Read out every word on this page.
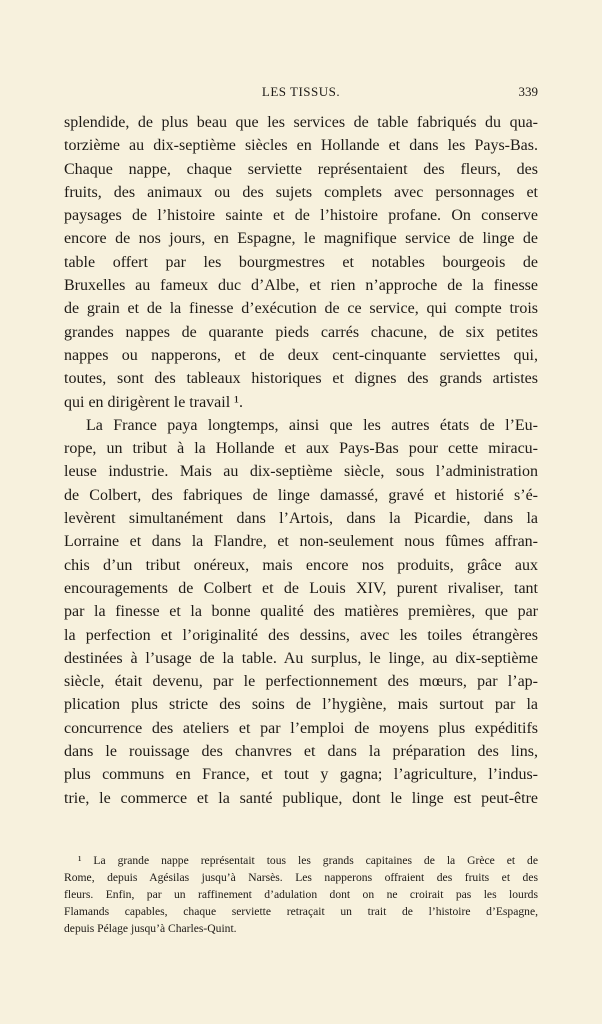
LES TISSUS.	339
splendide, de plus beau que les services de table fabriqués du qua-
torzième au dix-septième siècles en Hollande et dans les Pays-Bas.
Chaque nappe, chaque serviette représentaient des fleurs, des
fruits, des animaux ou des sujets complets avec personnages et
paysages de l’histoire sainte et de l’histoire profane. On conserve
encore de nos jours, en Espagne, le magnifique service de linge de
table offert par les bourgmestres et notables bourgeois de
Bruxelles au fameux duc d’Albe, et rien n’approche de la finesse
de grain et de la finesse d’exécution de ce service, qui compte trois
grandes nappes de quarante pieds carrés chacune, de six petites
nappes ou napperons, et de deux cent-cinquante serviettes qui,
toutes, sont des tableaux historiques et dignes des grands artistes
qui en dirigèrent le travail ¹.
La France paya longtemps, ainsi que les autres états de l’Eu-
rope, un tribut à la Hollande et aux Pays-Bas pour cette miracu-
leuse industrie. Mais au dix-septième siècle, sous l’administration
de Colbert, des fabriques de linge damassé, gravé et historié s’é-
levèrent simultanément dans l’Artois, dans la Picardie, dans la
Lorraine et dans la Flandre, et non-seulement nous fûmes affran-
chis d’un tribut onéreux, mais encore nos produits, grâce aux
encouragements de Colbert et de Louis XIV, purent rivaliser, tant
par la finesse et la bonne qualité des matières premières, que par
la perfection et l’originalité des dessins, avec les toiles étrangères
destinées à l’usage de la table. Au surplus, le linge, au dix-septième
siècle, était devenu, par le perfectionnement des mœurs, par l’ap-
plication plus stricte des soins de l’hygiène, mais surtout par la
concurrence des ateliers et par l’emploi de moyens plus expéditifs
dans le rouissage des chanvres et dans la préparation des lins,
plus communs en France, et tout y gagna; l’agriculture, l’indus-
trie, le commerce et la santé publique, dont le linge est peut-être
¹ La grande nappe représentait tous les grands capitaines de la Grèce et de
Rome, depuis Agésilas jusqu’à Narsès. Les napperons offraient des fruits et des
fleurs. Enfin, par un raffinement d’adulation dont on ne croirait pas les lourds
Flamands capables, chaque serviette retraçait un trait de l’histoire d’Espagne,
depuis Pélage jusqu’à Charles-Quint.
